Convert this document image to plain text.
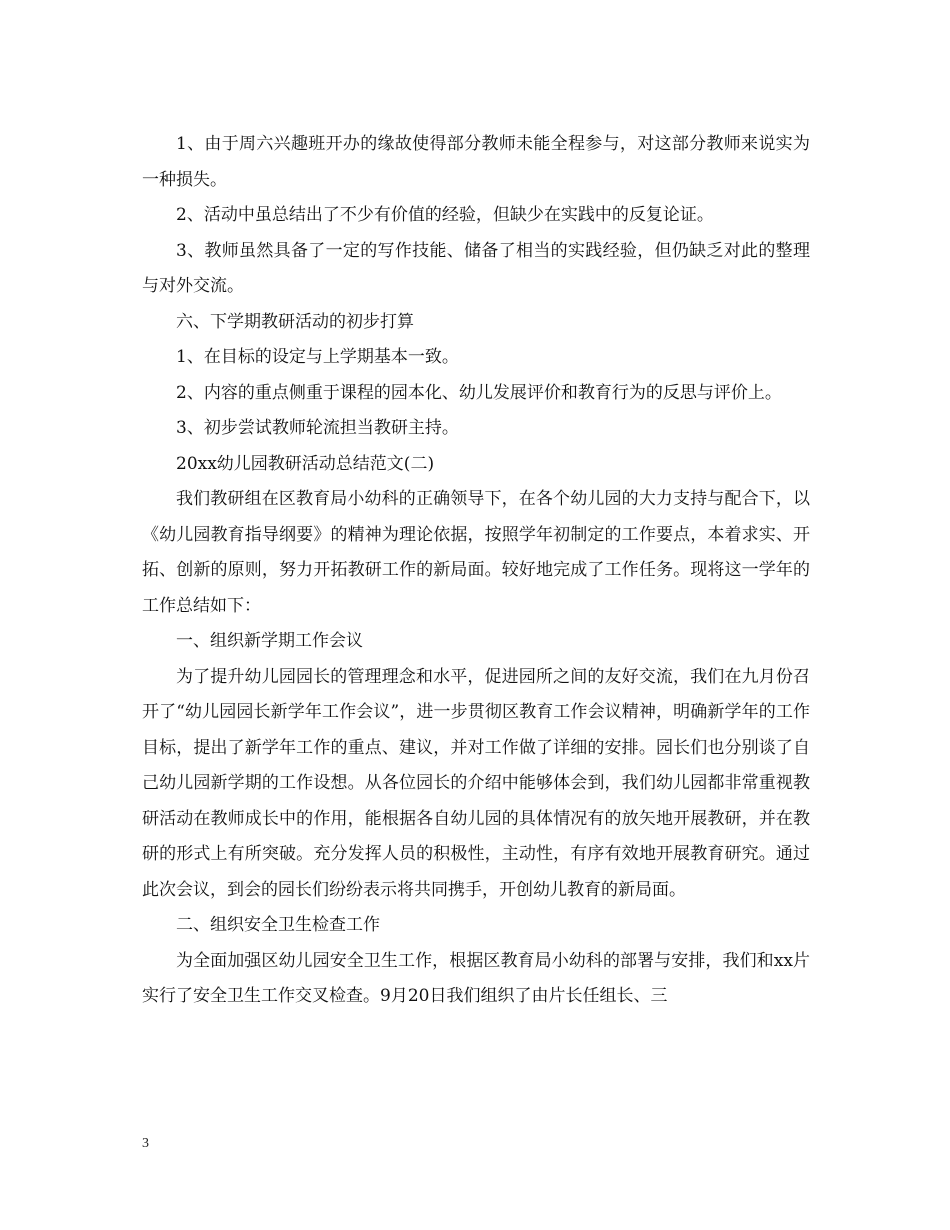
1、由于周六兴趣班开办的缘故使得部分教师未能全程参与，对这部分教师来说实为一种损失。

2、活动中虽总结出了不少有价值的经验，但缺少在实践中的反复论证。

3、教师虽然具备了一定的写作技能、储备了相当的实践经验，但仍缺乏对此的整理与对外交流。

六、下学期教研活动的初步打算

1、在目标的设定与上学期基本一致。

2、内容的重点侧重于课程的园本化、幼儿发展评价和教育行为的反思与评价上。

3、初步尝试教师轮流担当教研主持。

20xx幼儿园教研活动总结范文(二)

我们教研组在区教育局小幼科的正确领导下，在各个幼儿园的大力支持与配合下，以《幼儿园教育指导纲要》的精神为理论依据，按照学年初制定的工作要点，本着求实、开拓、创新的原则，努力开拓教研工作的新局面。较好地完成了工作任务。现将这一学年的工作总结如下：

一、组织新学期工作会议

为了提升幼儿园园长的管理理念和水平，促进园所之间的友好交流，我们在九月份召开了“幼儿园园长新学年工作会议”，进一步贯彻区教育工作会议精神，明确新学年的工作目标，提出了新学年工作的重点、建议，并对工作做了详细的安排。园长们也分别谈了自己幼儿园新学期的工作设想。从各位园长的介绍中能够体会到，我们幼儿园都非常重视教研活动在教师成长中的作用，能根据各自幼儿园的具体情况有的放矢地开展教研，并在教研的形式上有所突破。充分发挥人员的积极性，主动性，有序有效地开展教育研究。通过此次会议，到会的园长们纷纷表示将共同携手，开创幼儿教育的新局面。

二、组织安全卫生检查工作

为全面加强区幼儿园安全卫生工作，根据区教育局小幼科的部署与安排，我们和xx片实行了安全卫生工作交叉检查。9月20日我们组织了由片长任组长、三

3
